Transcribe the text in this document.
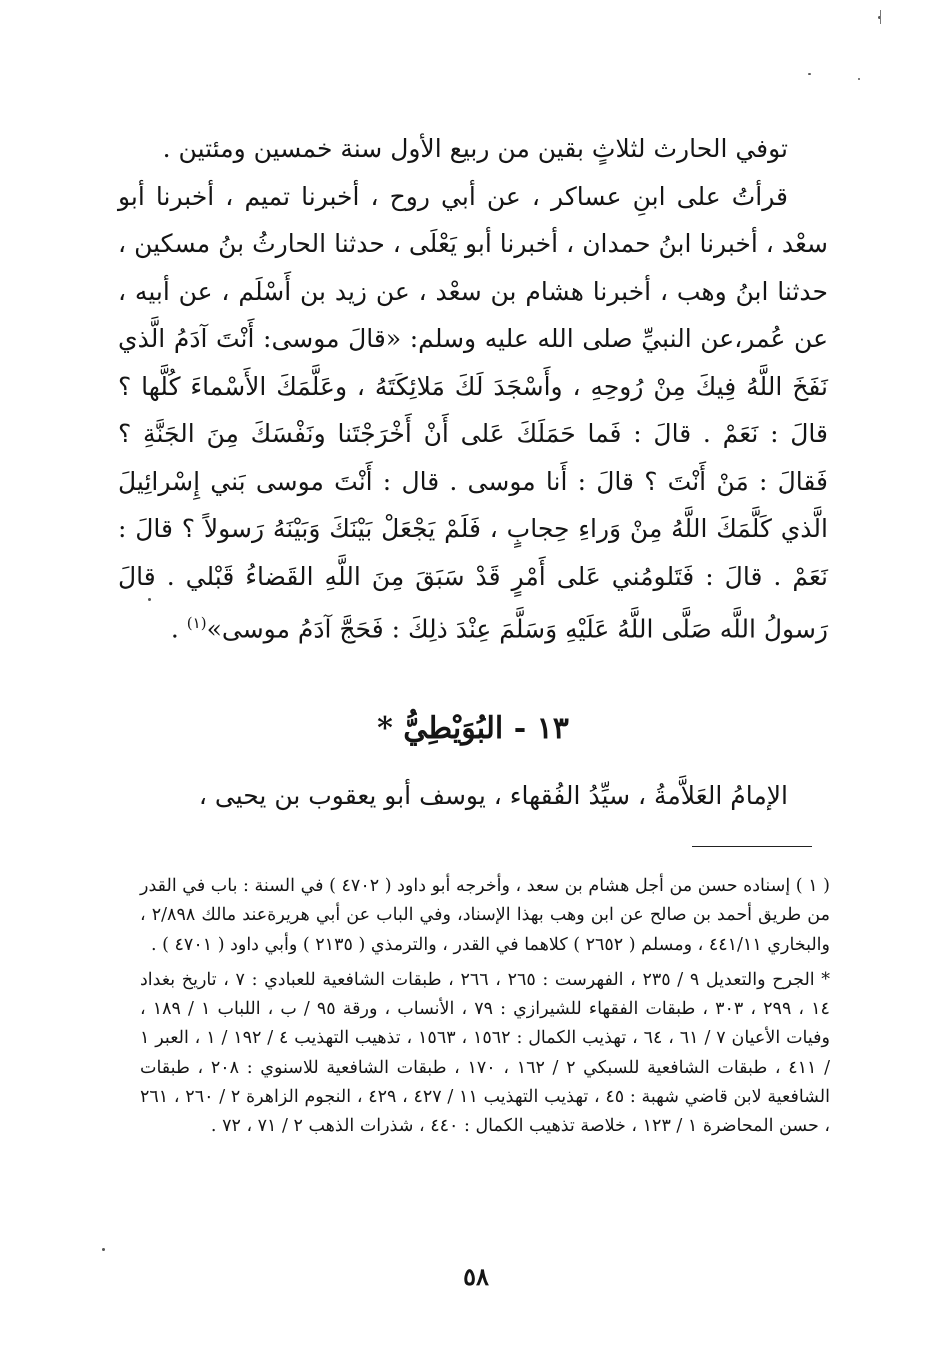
توفي الحارث لثلاثٍ بقين من ربيع الأول سنة خمسين ومئتين .

قرأتُ على ابنِ عساكر ، عن أبي روح ، أخبرنا تميم ، أخبرنا أبو سعْد ، أخبرنا ابنُ حمدان ، أخبرنا أبو يَعْلَى ، حدثنا الحارثُ بنُ مسكين ، حدثنا ابنُ وهب ، أخبرنا هشام بن سعْد ، عن زيد بن أَسْلَم ، عن أبيه ، عن عُمر،عن النبيِّ صلى الله عليه وسلم: «قالَ موسى: أَنْتَ آدَمُ الَّذي نَفَخَ اللَّهُ فِيكَ مِنْ رُوحِهِ ، وأَسْجَدَ لَكَ مَلائِكَتَهُ ، وعَلَّمَكَ الأَسْماءَ كُلَّها ؟ قالَ : نَعَمْ . قالَ : فَما حَمَلَكَ عَلى أَنْ أَخْرَجْتَنا ونَفْسَكَ مِنَ الجَنَّةِ ؟ فَقالَ : مَنْ أَنْتَ ؟ قالَ : أَنا موسى . قال : أَنْتَ موسى بَني إِسْرائِيلَ الَّذي كَلَّمَكَ اللَّهُ مِنْ وَراءِ حِجابٍ ، فَلَمْ يَجْعَلْ بَيْنَكَ وَبَيْنَهُ رَسولاً ؟ قالَ : نَعَمْ . قالَ : فَتَلومُني عَلى أَمْرٍ قَدْ سَبَقَ مِنَ اللَّهِ القَضاءُ قَبْلي . قالَ رَسولُ اللَّه صَلَّى اللَّهُ عَلَيْهِ وَسَلَّمَ عِنْدَ ذلِكَ : فَحَجَّ آدَمُ موسى»$^{(١)}$ .

١٣ - البُوَيْطِيُّ *
الإمامُ العَلاَّمةُ ، سيِّدُ الفُقهاء ، يوسف أبو يعقوب بن يحيى ،

( ١ ) إسناده حسن من أجل هشام بن سعد ، وأخرجه أبو داود ( ٤٧٠٢ ) في السنة : باب في القدر من طريق أحمد بن صالح عن ابن وهب بهذا الإسناد، وفي الباب عن أبي هريرةعند مالك ٢/٨٩٨ ، والبخاري ٤٤١/١١ ، ومسلم ( ٢٦٥٢ ) كلاهما في القدر ، والترمذي ( ٢١٣٥ ) وأبي داود ( ٤٧٠١ ) .

* الجرح والتعديل ٩ / ٢٣٥ ، الفهرست : ٢٦٥ ، ٢٦٦ ، طبقات الشافعية للعبادي : ٧ ، تاريخ بغداد ١٤ ، ٢٩٩ ، ٣٠٣ ، طبقات الفقهاء للشيرازي : ٧٩ ، الأنساب ، ورقة ٩٥ / ب ، اللباب ١ / ١٨٩ ، وفيات الأعيان ٧ / ٦١ ، ٦٤ ، تهذيب الكمال : ١٥٦٢ ، ١٥٦٣ ، تذهيب التهذيب ٤ / ١٩٢ / ١ ، العبر ١ / ٤١١ ، طبقات الشافعية للسبكي ٢ / ١٦٢ ، ١٧٠ ، طبقات الشافعية للاسنوي : ٢٠٨ ، طبقات الشافعية لابن قاضي شهبة : ٤٥ ، تهذيب التهذيب ١١ / ٤٢٧ ، ٤٢٩ ، النجوم الزاهرة ٢ / ٢٦٠ ، ٢٦١ ، حسن المحاضرة ١ / ١٢٣ ، خلاصة تذهيب الكمال : ٤٤٠ ، شذرات الذهب ٢ / ٧١ ، ٧٢ .

٥٨
